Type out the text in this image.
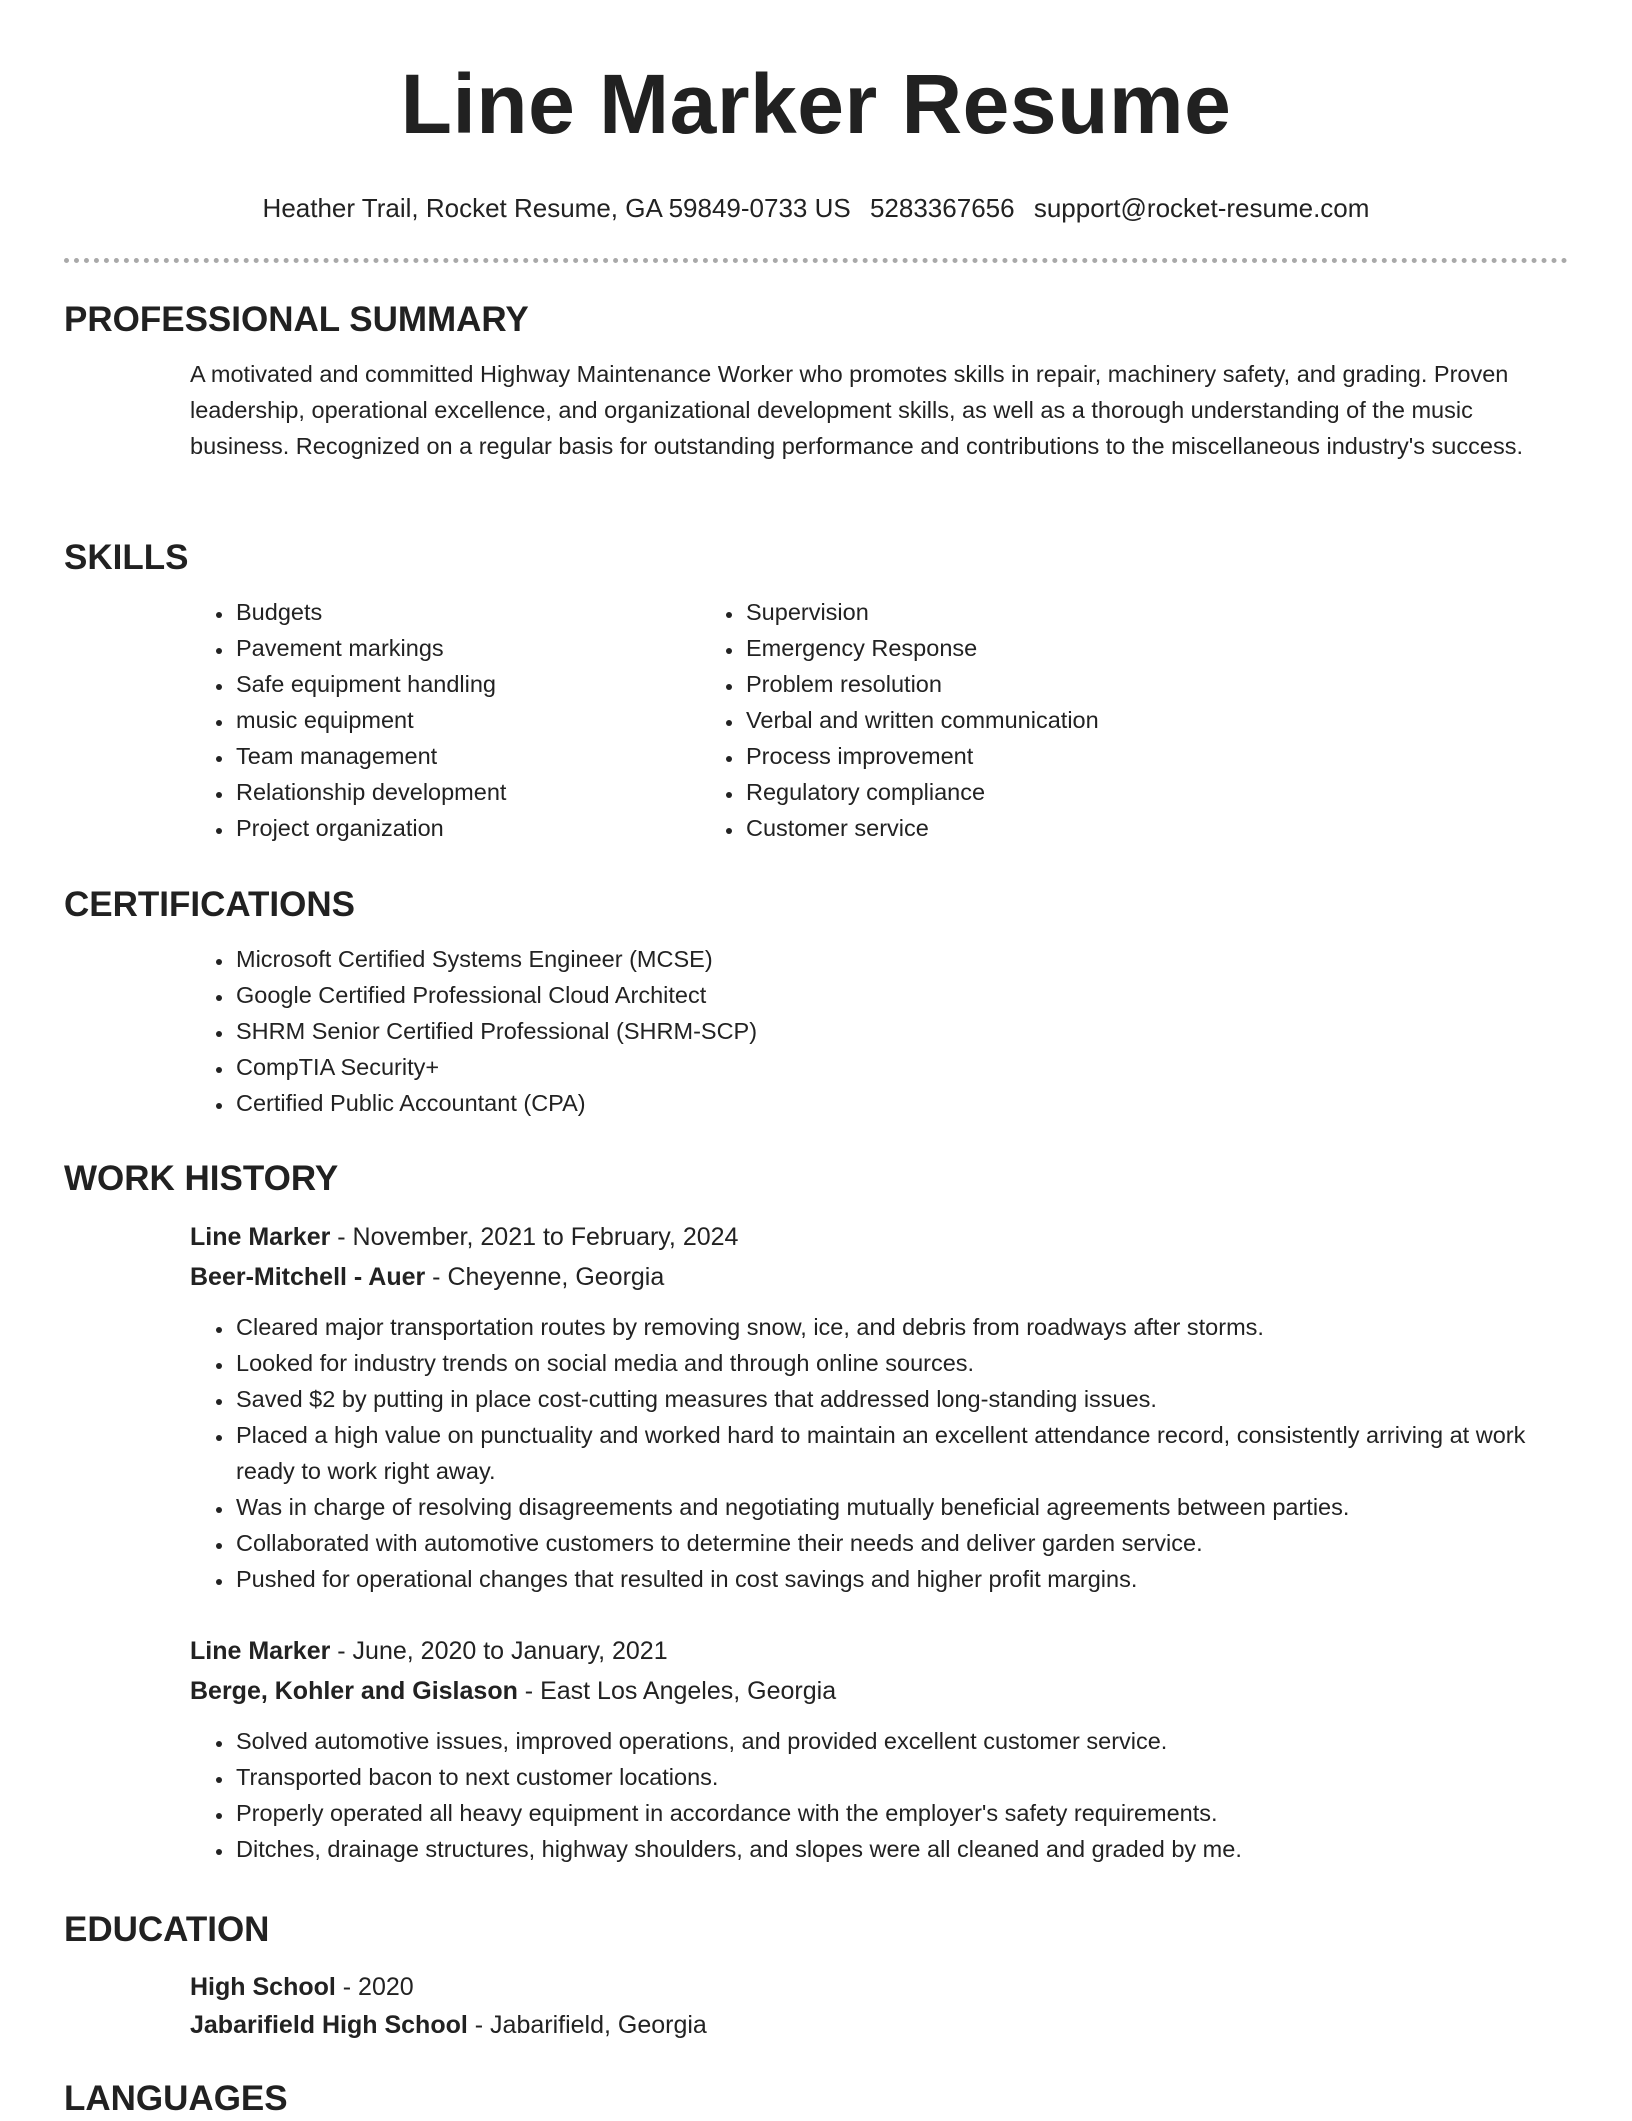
Line Marker Resume
Heather Trail, Rocket Resume, GA 59849-0733 US 5283367656 support@rocket-resume.com
PROFESSIONAL SUMMARY

A motivated and committed Highway Maintenance Worker who promotes skills in repair, machinery safety, and grading. Proven leadership, operational excellence, and organizational development skills, as well as a thorough understanding of the music business. Recognized on a regular basis for outstanding performance and contributions to the miscellaneous industry's success.

SKILLS
• Budgets
• Pavement markings
• Safe equipment handling
• music equipment
• Team management
• Relationship development
• Project organization
• Supervision
• Emergency Response
• Problem resolution
• Verbal and written communication
• Process improvement
• Regulatory compliance
• Customer service
CERTIFICATIONS
• Microsoft Certified Systems Engineer (MCSE)
• Google Certified Professional Cloud Architect
• SHRM Senior Certified Professional (SHRM-SCP)
• CompTIA Security+
• Certified Public Accountant (CPA)
WORK HISTORY
Line Marker - November, 2021 to February, 2024
Beer-Mitchell - Auer - Cheyenne, Georgia
• Cleared major transportation routes by removing snow, ice, and debris from roadways after storms.
• Looked for industry trends on social media and through online sources.
• Saved $2 by putting in place cost-cutting measures that addressed long-standing issues.
• Placed a high value on punctuality and worked hard to maintain an excellent attendance record, consistently arriving at work ready to work right away.
• Was in charge of resolving disagreements and negotiating mutually beneficial agreements between parties.
• Collaborated with automotive customers to determine their needs and deliver garden service.
• Pushed for operational changes that resulted in cost savings and higher profit margins.
Line Marker - June, 2020 to January, 2021
Berge, Kohler and Gislason - East Los Angeles, Georgia
• Solved automotive issues, improved operations, and provided excellent customer service.
• Transported bacon to next customer locations.
• Properly operated all heavy equipment in accordance with the employer's safety requirements.
• Ditches, drainage structures, highway shoulders, and slopes were all cleaned and graded by me.
EDUCATION
High School - 2020
Jabarifield High School - Jabarifield, Georgia
LANGUAGES
